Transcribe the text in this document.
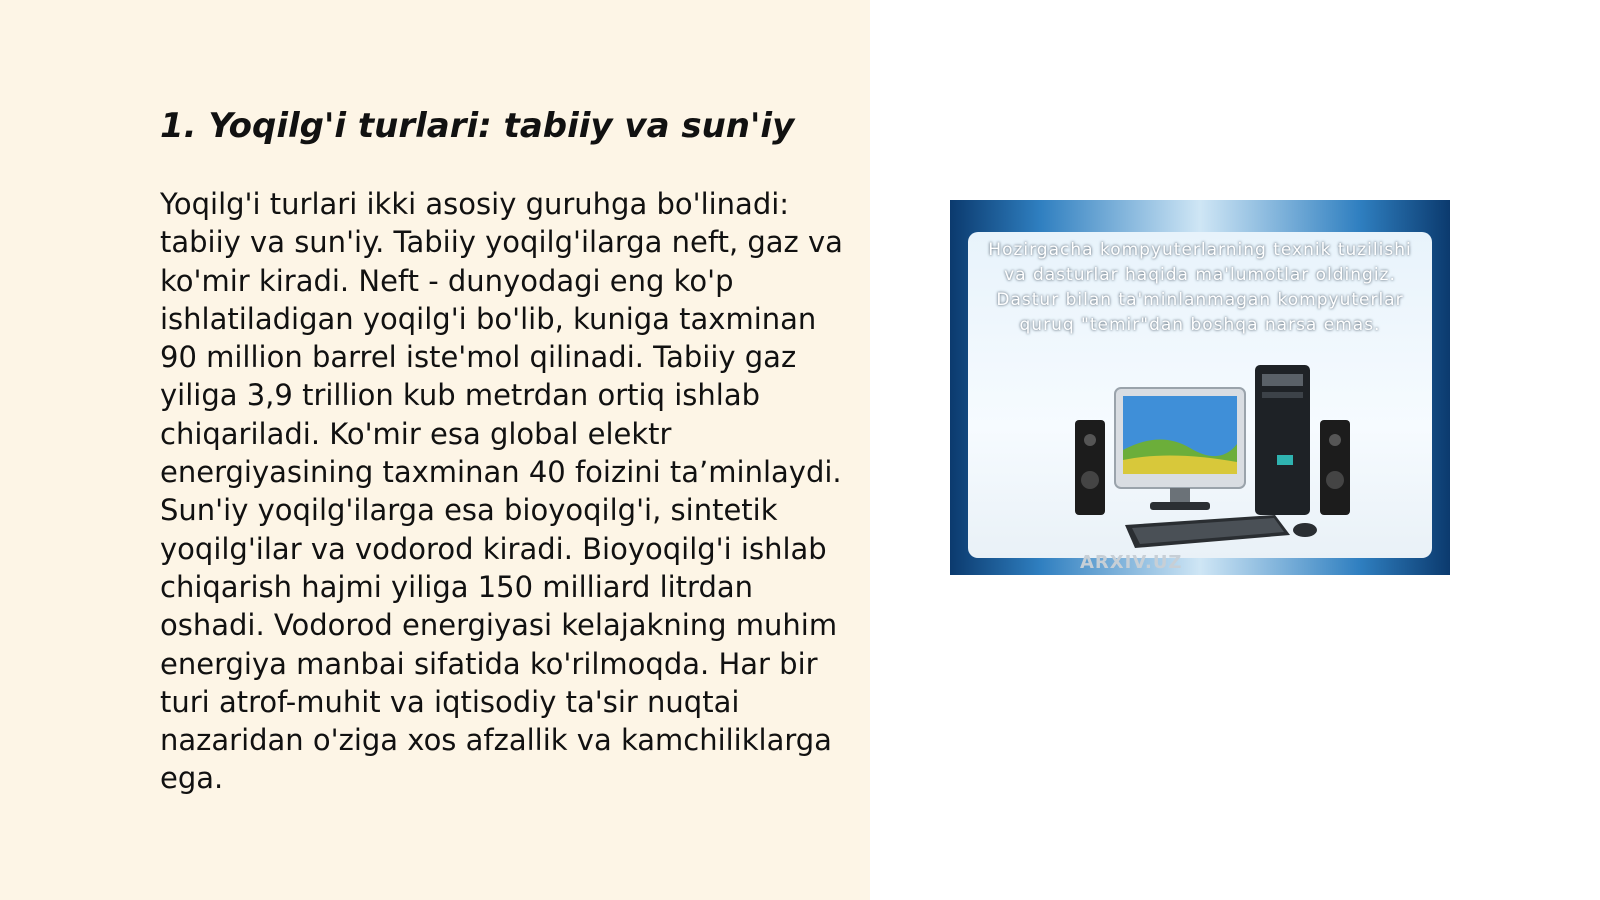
1. Yoqilg'i turlari: tabiiy va sun'iy

Yoqilg'i turlari ikki asosiy guruhga bo'linadi: tabiiy va sun'iy. Tabiiy yoqilg'ilarga neft, gaz va ko'mir kiradi. Neft - dunyodagi eng ko'p ishlatiladigan yoqilg'i bo'lib, kuniga taxminan 90 million barrel iste'mol qilinadi. Tabiiy gaz yiliga 3,9 trillion kub metrdan ortiq ishlab chiqariladi. Ko'mir esa global elektr energiyasining taxminan 40 foizini ta’minlaydi. Sun'iy yoqilg'ilarga esa bioyoqilg'i, sintetik yoqilg'ilar va vodorod kiradi. Bioyoqilg'i ishlab chiqarish hajmi yiliga 150 milliard litrdan oshadi. Vodorod energiyasi kelajakning muhim energiya manbai sifatida ko'rilmoqda. Har bir turi atrof-muhit va iqtisodiy ta'sir nuqtai nazaridan o'ziga xos afzallik va kamchiliklarga ega.

Hozirgacha kompyuterlarning texnik tuzilishi va dasturlar haqida ma'lumotlar oldingiz. Dastur bilan ta'minlanmagan kompyuterlar quruq "temir"dan boshqa narsa emas.

ARXIV.UZ
